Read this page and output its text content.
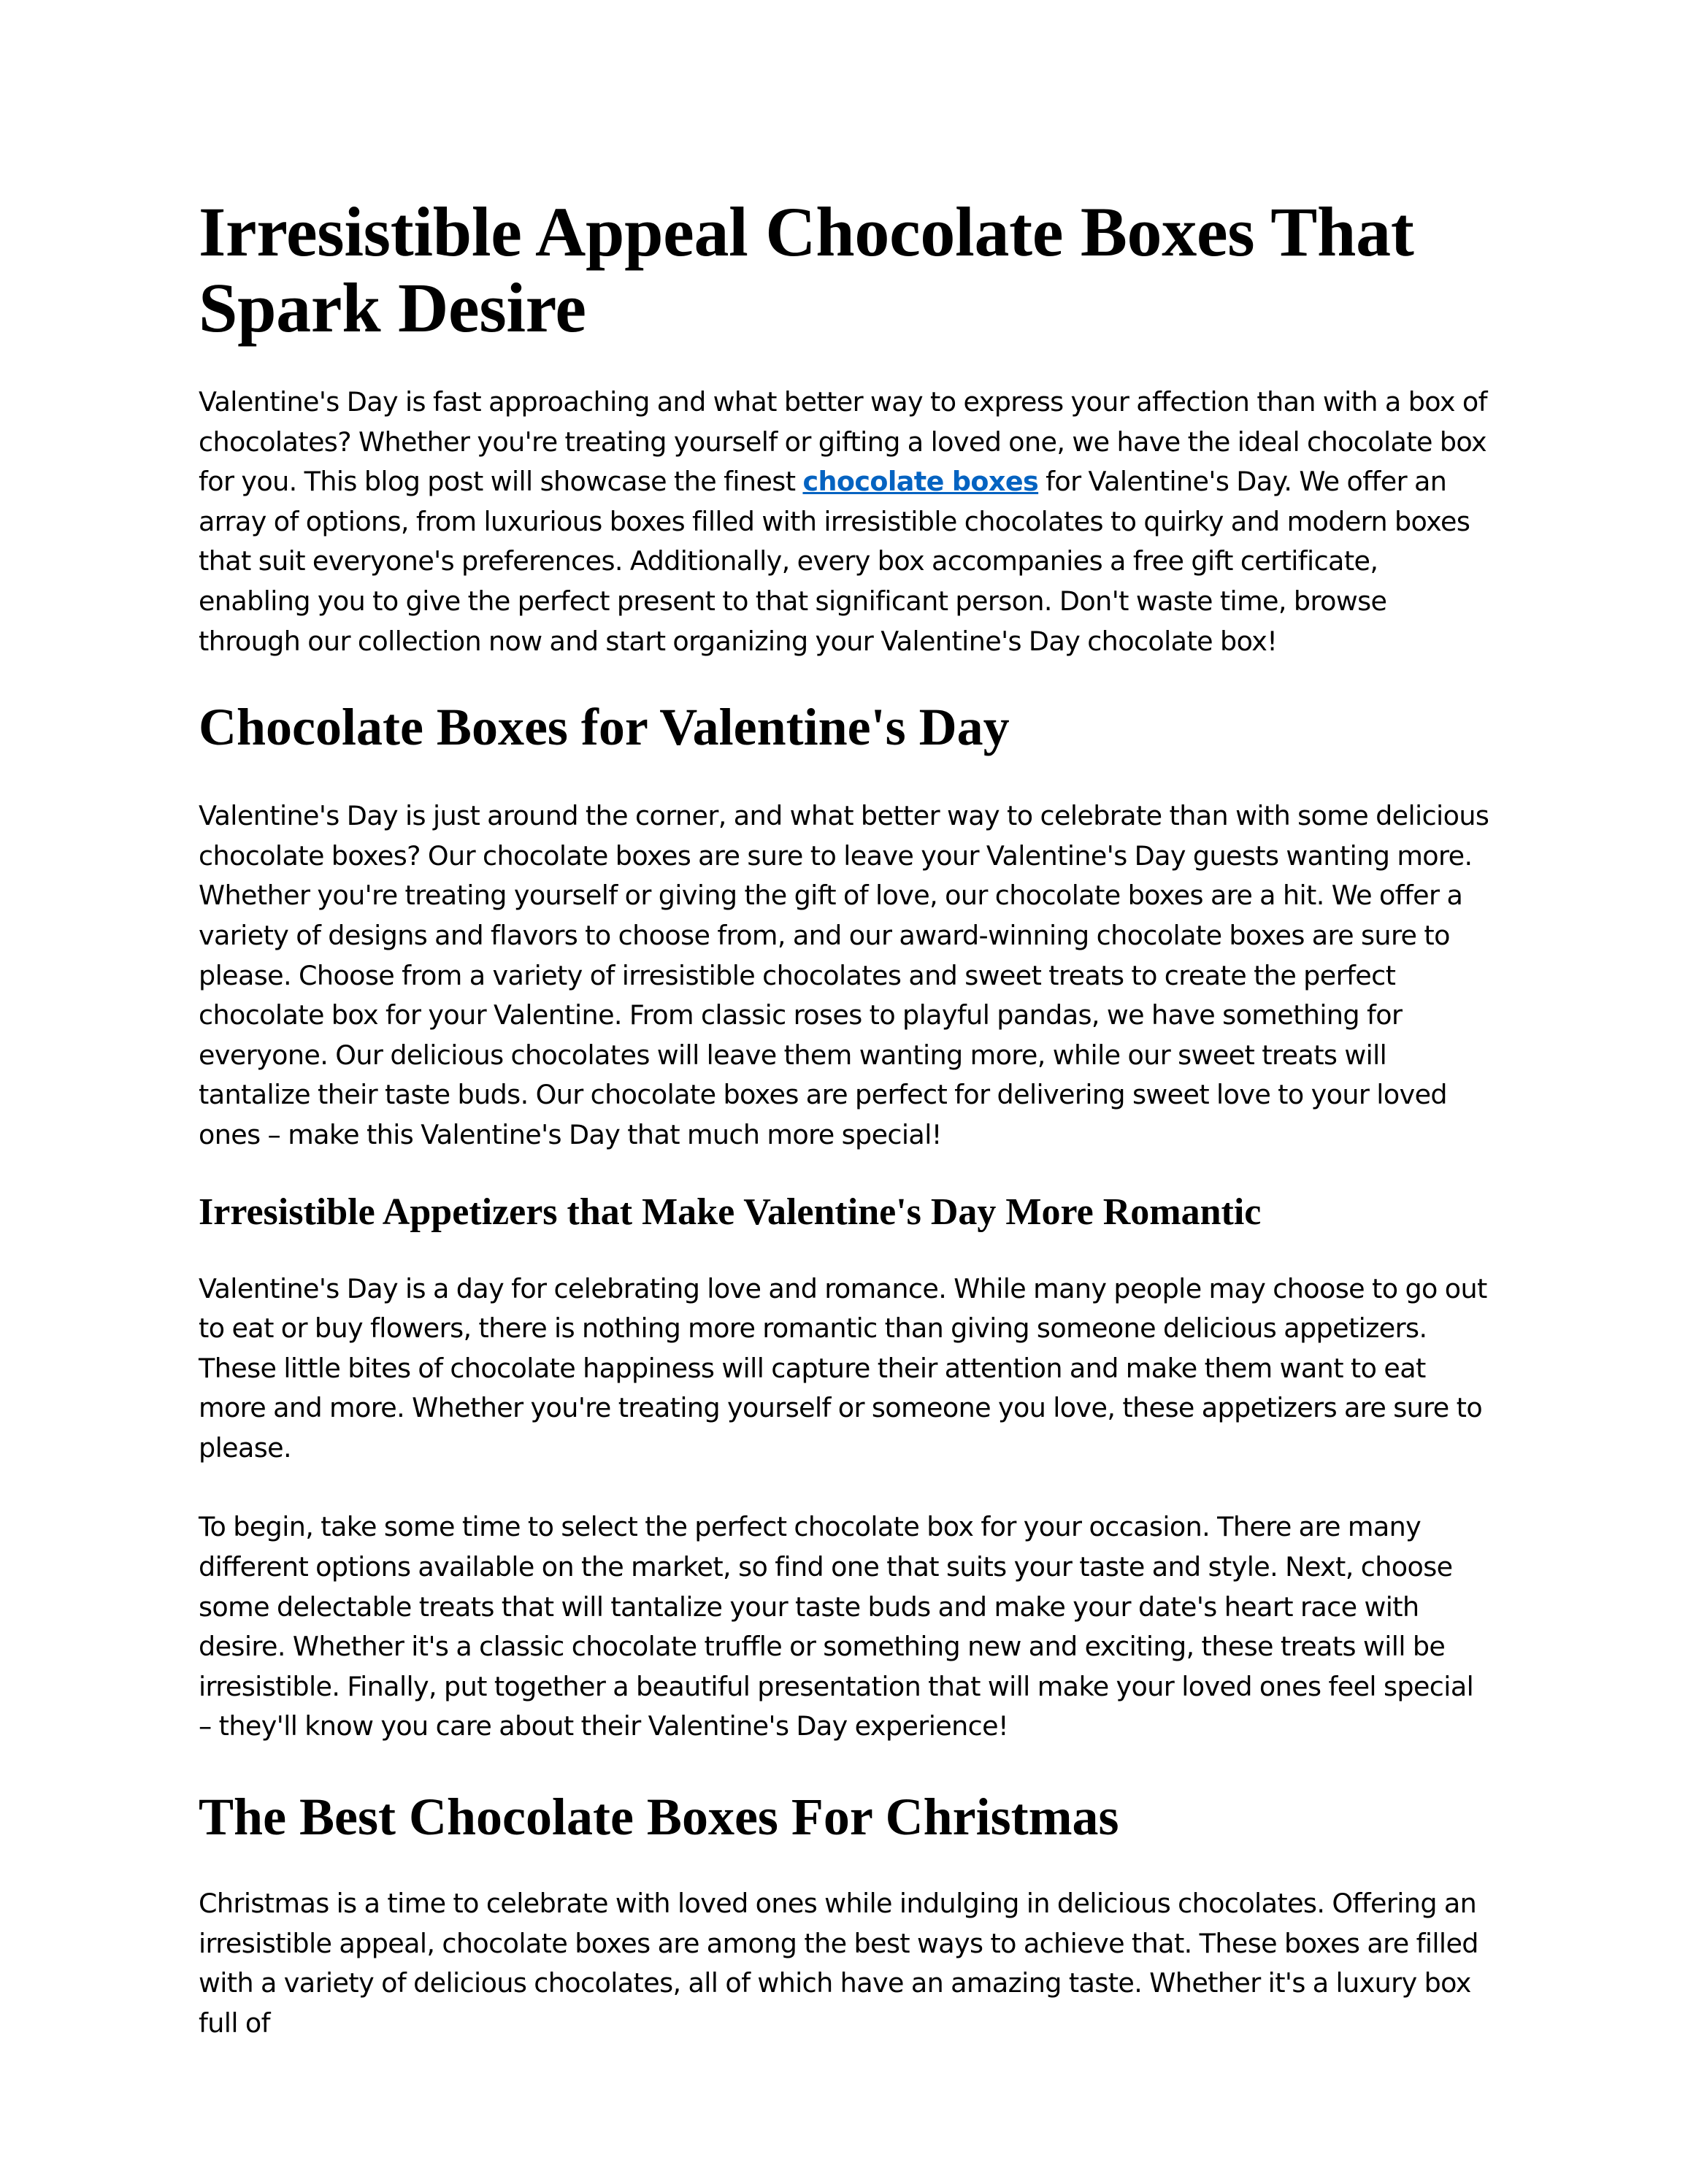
Irresistible Appeal Chocolate Boxes That Spark Desire

Valentine's Day is fast approaching and what better way to express your affection than with a box of chocolates? Whether you're treating yourself or gifting a loved one, we have the ideal chocolate box for you. This blog post will showcase the finest chocolate boxes for Valentine's Day. We offer an array of options, from luxurious boxes filled with irresistible chocolates to quirky and modern boxes that suit everyone's preferences. Additionally, every box accompanies a free gift certificate, enabling you to give the perfect present to that significant person. Don't waste time, browse through our collection now and start organizing your Valentine's Day chocolate box!

Chocolate Boxes for Valentine's Day

Valentine's Day is just around the corner, and what better way to celebrate than with some delicious chocolate boxes? Our chocolate boxes are sure to leave your Valentine's Day guests wanting more. Whether you're treating yourself or giving the gift of love, our chocolate boxes are a hit. We offer a variety of designs and flavors to choose from, and our award-winning chocolate boxes are sure to please. Choose from a variety of irresistible chocolates and sweet treats to create the perfect chocolate box for your Valentine. From classic roses to playful pandas, we have something for everyone. Our delicious chocolates will leave them wanting more, while our sweet treats will tantalize their taste buds. Our chocolate boxes are perfect for delivering sweet love to your loved ones – make this Valentine's Day that much more special!

Irresistible Appetizers that Make Valentine's Day More Romantic

Valentine's Day is a day for celebrating love and romance. While many people may choose to go out to eat or buy flowers, there is nothing more romantic than giving someone delicious appetizers. These little bites of chocolate happiness will capture their attention and make them want to eat more and more. Whether you're treating yourself or someone you love, these appetizers are sure to please.

To begin, take some time to select the perfect chocolate box for your occasion. There are many different options available on the market, so find one that suits your taste and style. Next, choose some delectable treats that will tantalize your taste buds and make your date's heart race with desire. Whether it's a classic chocolate truffle or something new and exciting, these treats will be irresistible. Finally, put together a beautiful presentation that will make your loved ones feel special – they'll know you care about their Valentine's Day experience!

The Best Chocolate Boxes For Christmas

Christmas is a time to celebrate with loved ones while indulging in delicious chocolates. Offering an irresistible appeal, chocolate boxes are among the best ways to achieve that. These boxes are filled with a variety of delicious chocolates, all of which have an amazing taste. Whether it's a luxury box full of
